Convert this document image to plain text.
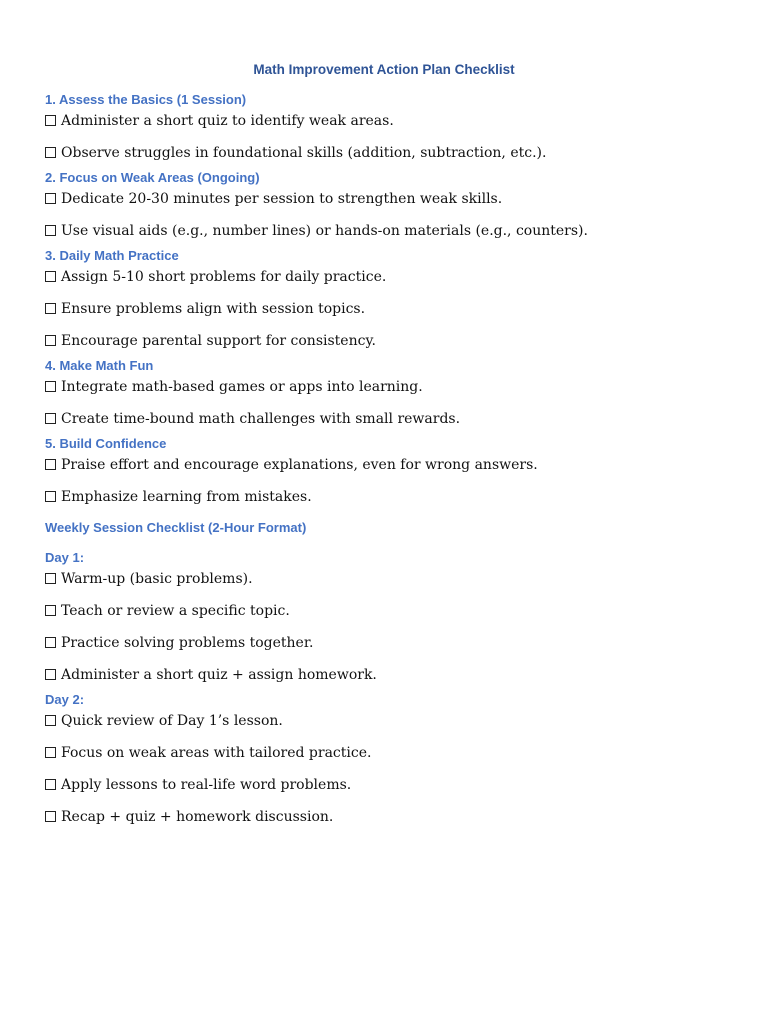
Math Improvement Action Plan Checklist
1. Assess the Basics (1 Session)
Administer a short quiz to identify weak areas.
Observe struggles in foundational skills (addition, subtraction, etc.).
2. Focus on Weak Areas (Ongoing)
Dedicate 20-30 minutes per session to strengthen weak skills.
Use visual aids (e.g., number lines) or hands-on materials (e.g., counters).
3. Daily Math Practice
Assign 5-10 short problems for daily practice.
Ensure problems align with session topics.
Encourage parental support for consistency.
4. Make Math Fun
Integrate math-based games or apps into learning.
Create time-bound math challenges with small rewards.
5. Build Confidence
Praise effort and encourage explanations, even for wrong answers.
Emphasize learning from mistakes.
Weekly Session Checklist (2-Hour Format)
Day 1:
Warm-up (basic problems).
Teach or review a specific topic.
Practice solving problems together.
Administer a short quiz + assign homework.
Day 2:
Quick review of Day 1’s lesson.
Focus on weak areas with tailored practice.
Apply lessons to real-life word problems.
Recap + quiz + homework discussion.
